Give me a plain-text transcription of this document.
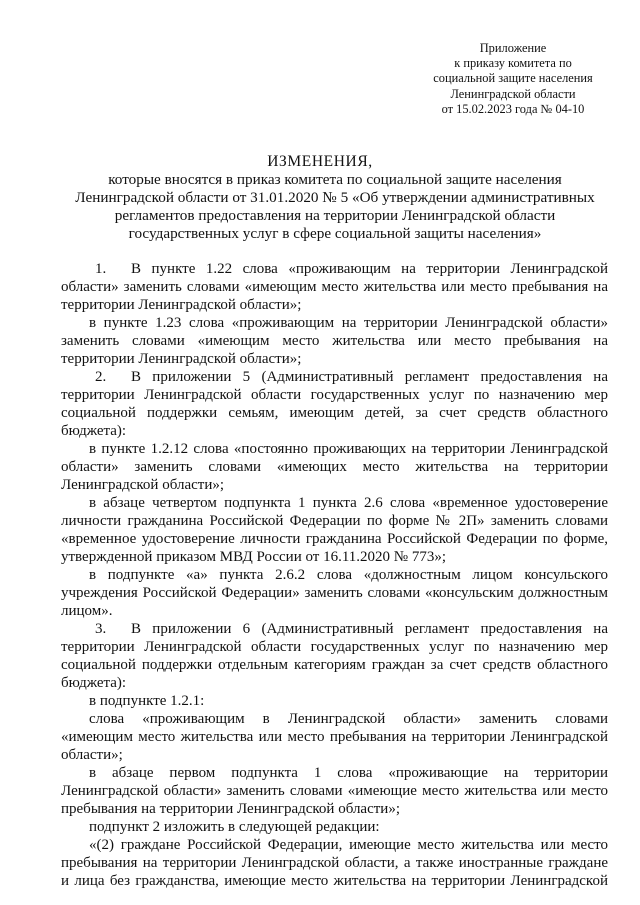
Приложение
к приказу комитета по
социальной защите населения
Ленинградской области
от 15.02.2023 года № 04-10
ИЗМЕНЕНИЯ,
которые вносятся в приказ комитета по социальной защите населения
Ленинградской области от 31.01.2020 № 5 «Об утверждении административных
регламентов предоставления на территории Ленинградской области
государственных услуг в сфере социальной защиты населения»
1.	В пункте 1.22 слова «проживающим на территории Ленинградской
области» заменить словами «имеющим место жительства или место пребывания на
территории Ленинградской области»;
в пункте 1.23 слова «проживающим на территории Ленинградской области»
заменить словами «имеющим место жительства или место пребывания на
территории Ленинградской области»;
2.	В приложении 5 (Административный регламент предоставления на
территории Ленинградской области государственных услуг по назначению мер
социальной поддержки семьям, имеющим детей, за счет средств областного
бюджета):
в пункте 1.2.12 слова «постоянно проживающих на территории Ленинградской
области» заменить словами «имеющих место жительства на территории
Ленинградской области»;
в абзаце четвертом подпункта 1 пункта 2.6 слова «временное удостоверение
личности гражданина Российской Федерации по форме № 2П» заменить словами
«временное удостоверение личности гражданина Российской Федерации по форме,
утвержденной приказом МВД России от 16.11.2020 № 773»;
в подпункте «а» пункта 2.6.2 слова «должностным лицом консульского
учреждения Российской Федерации» заменить словами «консульским должностным
лицом».
3.	В приложении 6 (Административный регламент предоставления на
территории Ленинградской области государственных услуг по назначению мер
социальной поддержки отдельным категориям граждан за счет средств областного
бюджета):
в подпункте 1.2.1:
слова «проживающим в Ленинградской области» заменить словами
«имеющим место жительства или место пребывания на территории Ленинградской
области»;
в абзаце первом подпункта 1 слова «проживающие на территории
Ленинградской области» заменить словами «имеющие место жительства или место
пребывания на территории Ленинградской области»;
подпункт 2 изложить в следующей редакции:
«(2) граждане Российской Федерации, имеющие место жительства или место
пребывания на территории Ленинградской области, а также иностранные граждане
и лица без гражданства, имеющие место жительства на территории Ленинградской
